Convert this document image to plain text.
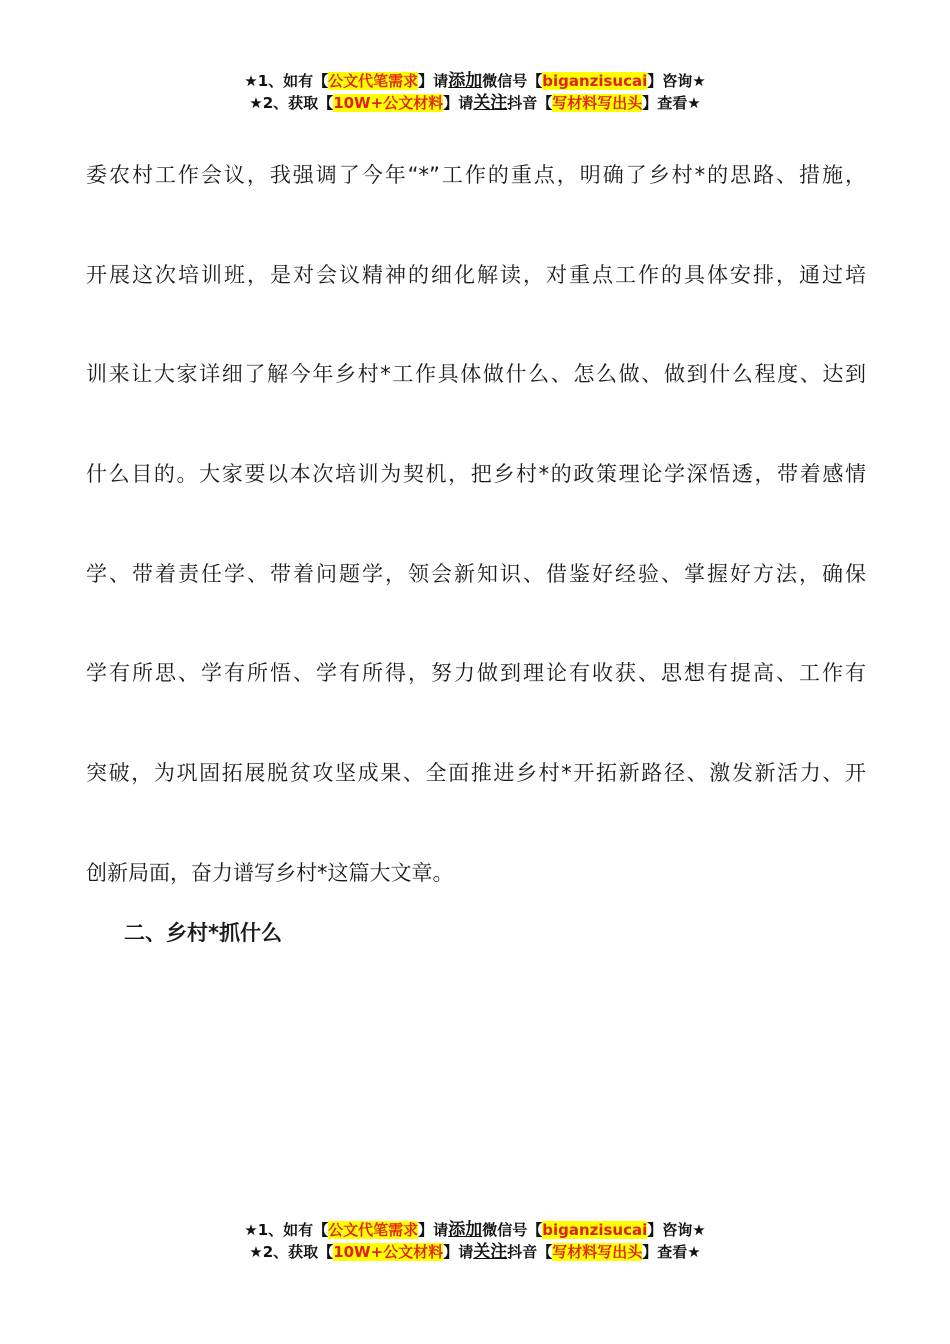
★1、如有【公文代笔需求】请添加微信号【biganzisucai】咨询★
★2、获取【10W+公文材料】请关注抖音【写材料写出头】查看★
委农村工作会议，我强调了今年“*”工作的重点，明确了乡村*的思路、措施，
开展这次培训班，是对会议精神的细化解读，对重点工作的具体安排，通过培
训来让大家详细了解今年乡村*工作具体做什么、怎么做、做到什么程度、达到
什么目的。大家要以本次培训为契机，把乡村*的政策理论学深悟透，带着感情
学、带着责任学、带着问题学，领会新知识、借鉴好经验、掌握好方法，确保
学有所思、学有所悟、学有所得，努力做到理论有收获、思想有提高、工作有
突破，为巩固拓展脱贫攻坚成果、全面推进乡村*开拓新路径、激发新活力、开
创新局面，奋力谱写乡村*这篇大文章。
二、乡村*抓什么
★1、如有【公文代笔需求】请添加微信号【biganzisucai】咨询★
★2、获取【10W+公文材料】请关注抖音【写材料写出头】查看★
